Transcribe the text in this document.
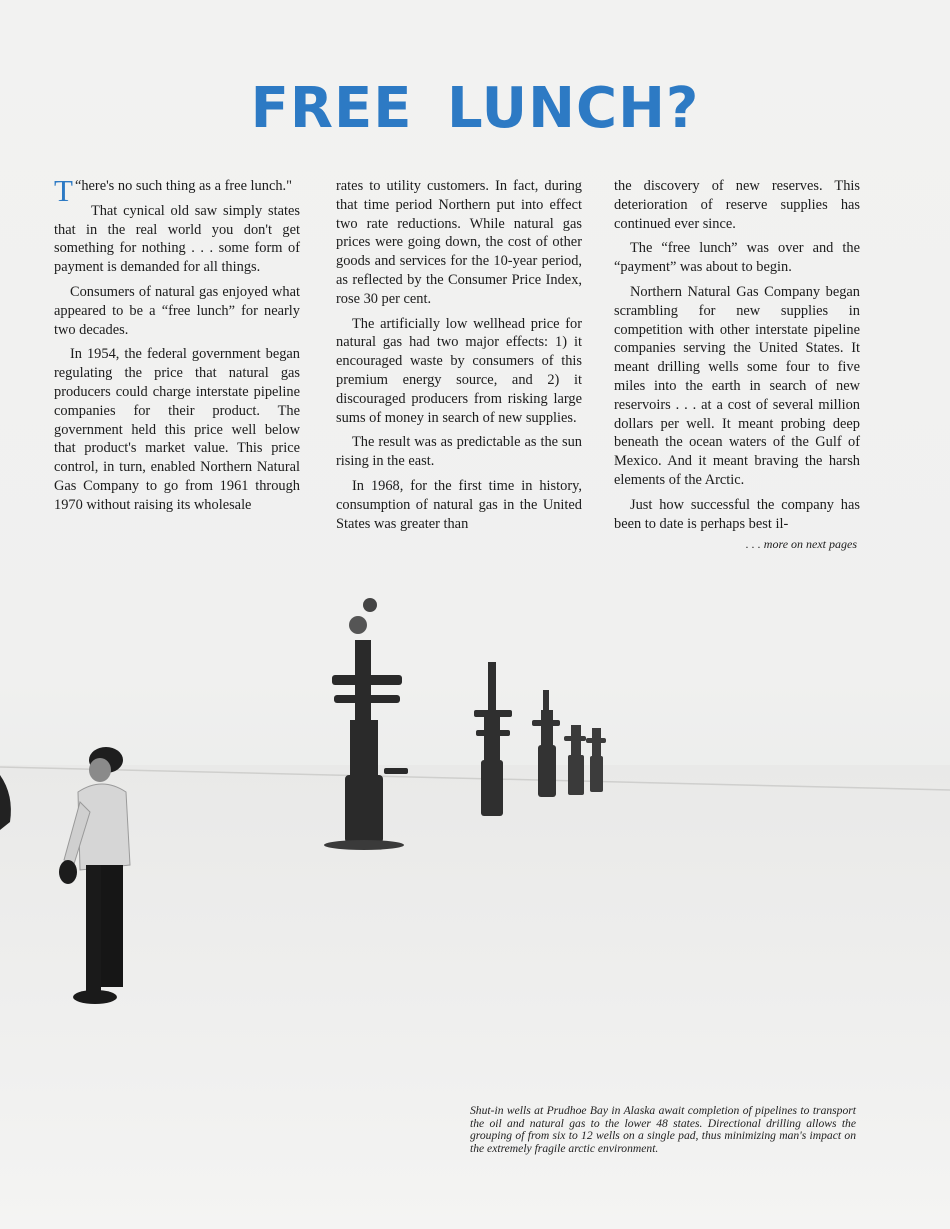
FREE LUNCH?

“
T here's no such thing as a free lunch."

That cynical old saw simply states that in the real world you don't get something for nothing . . . some form of payment is demanded for all things.

Consumers of natural gas enjoyed what appeared to be a “free lunch” for nearly two decades.

In 1954, the federal government began regulating the price that natural gas producers could charge interstate pipeline companies for their product. The government held this price well below that product's market value. This price control, in turn, enabled Northern Natural Gas Company to go from 1961 through 1970 without raising its wholesale

rates to utility customers. In fact, during that time period Northern put into effect two rate reductions. While natural gas prices were going down, the cost of other goods and services for the 10-year period, as reflected by the Consumer Price Index, rose 30 per cent.

The artificially low wellhead price for natural gas had two major effects: 1) it encouraged waste by consumers of this premium energy source, and 2) it discouraged producers from risking large sums of money in search of new supplies.

The result was as predictable as the sun rising in the east.

In 1968, for the first time in history, consumption of natural gas in the United States was greater than

the discovery of new reserves. This deterioration of reserve supplies has continued ever since.

The “free lunch” was over and the “payment” was about to begin.

Northern Natural Gas Company began scrambling for new supplies in competition with other interstate pipeline companies serving the United States. It meant drilling wells some four to five miles into the earth in search of new reservoirs . . . at a cost of several million dollars per well. It meant probing deep beneath the ocean waters of the Gulf of Mexico. And it meant braving the harsh elements of the Arctic.

Just how successful the company has been to date is perhaps best il-

. . . more on next pages
Shut-in wells at Prudhoe Bay in Alaska await completion of pipelines to transport the oil and natural gas to the lower 48 states. Directional drilling allows the grouping of from six to 12 wells on a single pad, thus minimizing man's impact on the extremely fragile arctic environment.
